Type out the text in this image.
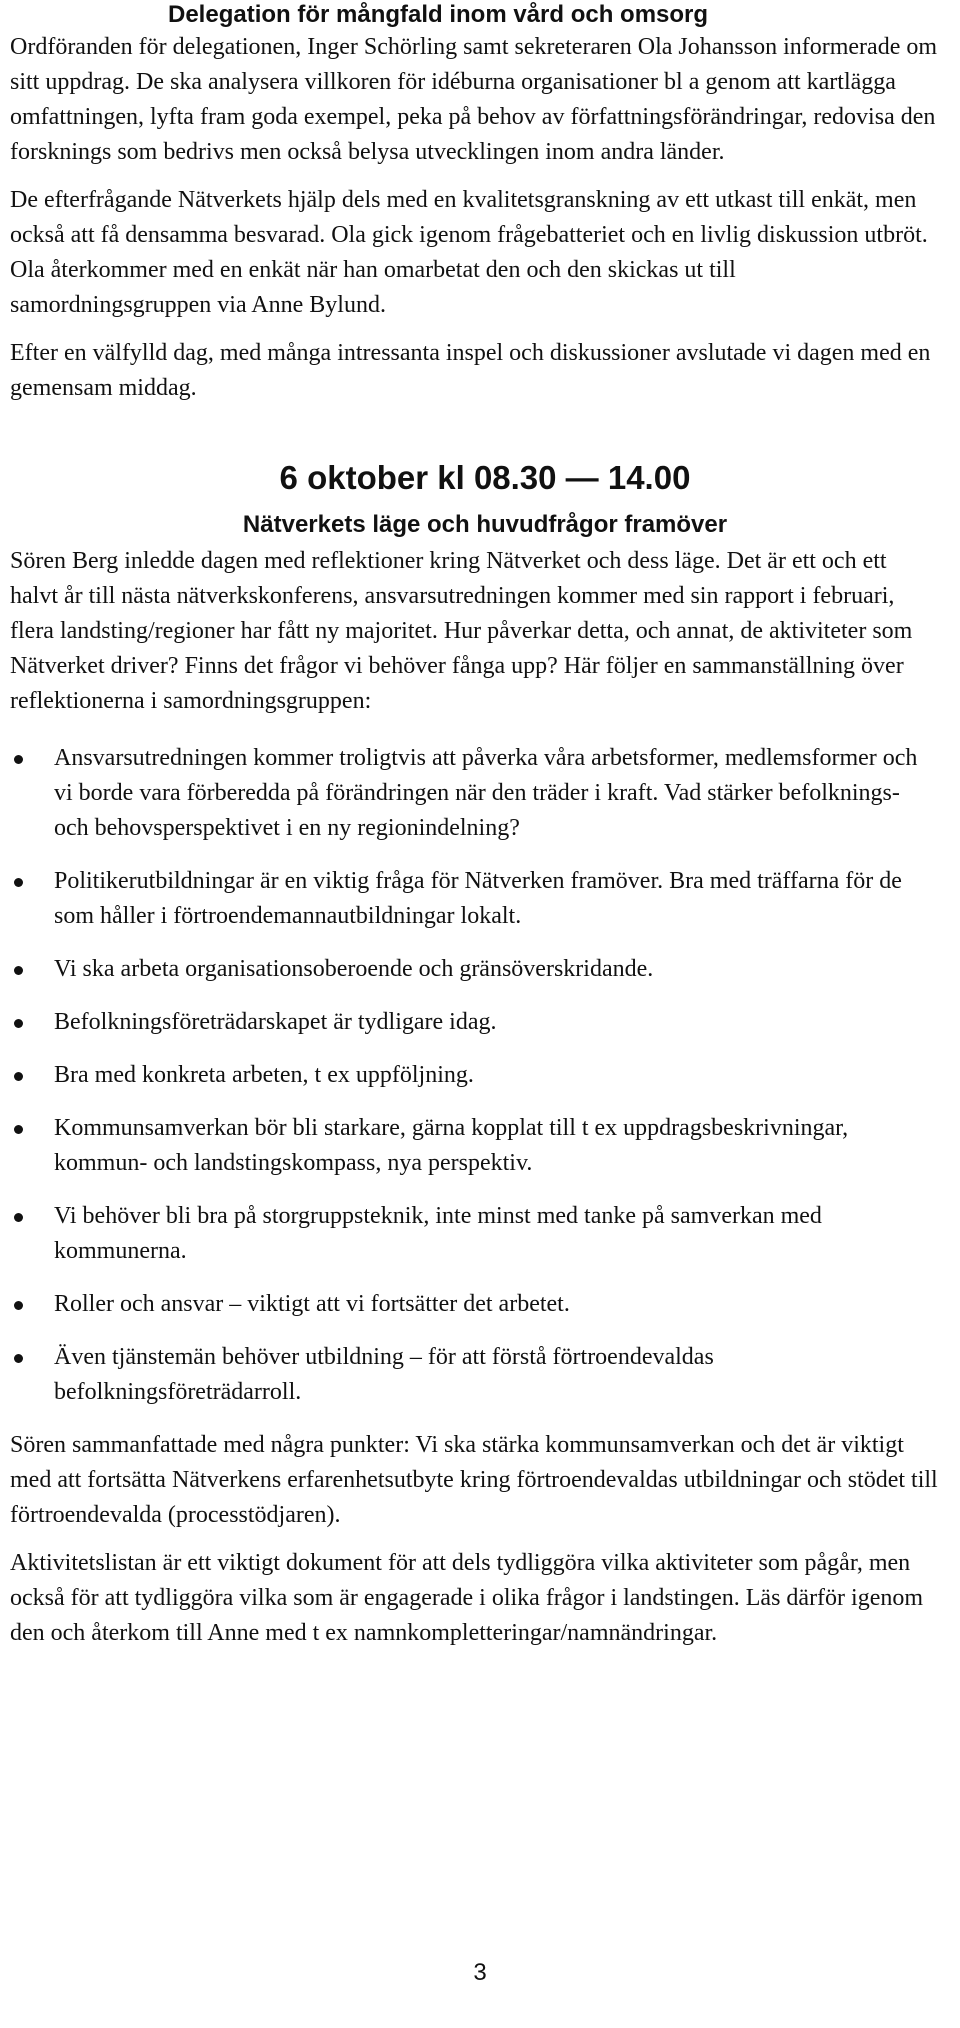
Delegation för mångfald inom vård och omsorg

Ordföranden för delegationen, Inger Schörling samt sekreteraren Ola Johansson informerade om sitt uppdrag. De ska analysera villkoren för idéburna organisationer bl a genom att kartlägga omfattningen, lyfta fram goda exempel, peka på behov av författningsförändringar, redovisa den forsknings som bedrivs men också belysa utvecklingen inom andra länder.

De efterfrågande Nätverkets hjälp dels med en kvalitetsgranskning av ett utkast till enkät, men också att få densamma besvarad. Ola gick igenom frågebatteriet och en livlig diskussion utbröt. Ola återkommer med en enkät när han omarbetat den och den skickas ut till samordningsgruppen via Anne Bylund.

Efter en välfylld dag, med många intressanta inspel och diskussioner avslutade vi dagen med en gemensam middag.

6 oktober kl 08.30 — 14.00
Nätverkets läge och huvudfrågor framöver

Sören Berg inledde dagen med reflektioner kring Nätverket och dess läge. Det är ett och ett halvt år till nästa nätverkskonferens, ansvarsutredningen kommer med sin rapport i februari, flera landsting/regioner har fått ny majoritet. Hur påverkar detta, och annat, de aktiviteter som Nätverket driver? Finns det frågor vi behöver fånga upp? Här följer en sammanställning över reflektionerna i samordningsgruppen:

Ansvarsutredningen kommer troligtvis att påverka våra arbetsformer, medlemsformer och vi borde vara förberedda på förändringen när den träder i kraft. Vad stärker befolknings- och behovsperspektivet i en ny regionindelning?
Politikerutbildningar är en viktig fråga för Nätverken framöver. Bra med träffarna för de som håller i förtroendemannautbildningar lokalt.
Vi ska arbeta organisationsoberoende och gränsöverskridande.
Befolkningsföreträdarskapet är tydligare idag.
Bra med konkreta arbeten, t ex uppföljning.
Kommunsamverkan bör bli starkare, gärna kopplat till t ex uppdragsbeskrivningar, kommun- och landstingskompass, nya perspektiv.
Vi behöver bli bra på storgruppsteknik, inte minst med tanke på samverkan med kommunerna.
Roller och ansvar – viktigt att vi fortsätter det arbetet.
Även tjänstemän behöver utbildning – för att förstå förtroendevaldas befolkningsföreträdarroll.

Sören sammanfattade med några punkter: Vi ska stärka kommunsamverkan och det är viktigt med att fortsätta Nätverkens erfarenhetsutbyte kring förtroendevaldas utbildningar och stödet till förtroendevalda (processtödjaren).

Aktivitetslistan är ett viktigt dokument för att dels tydliggöra vilka aktiviteter som pågår, men också för att tydliggöra vilka som är engagerade i olika frågor i landstingen. Läs därför igenom den och återkom till Anne med t ex namnkompletteringar/namnändringar.

3
